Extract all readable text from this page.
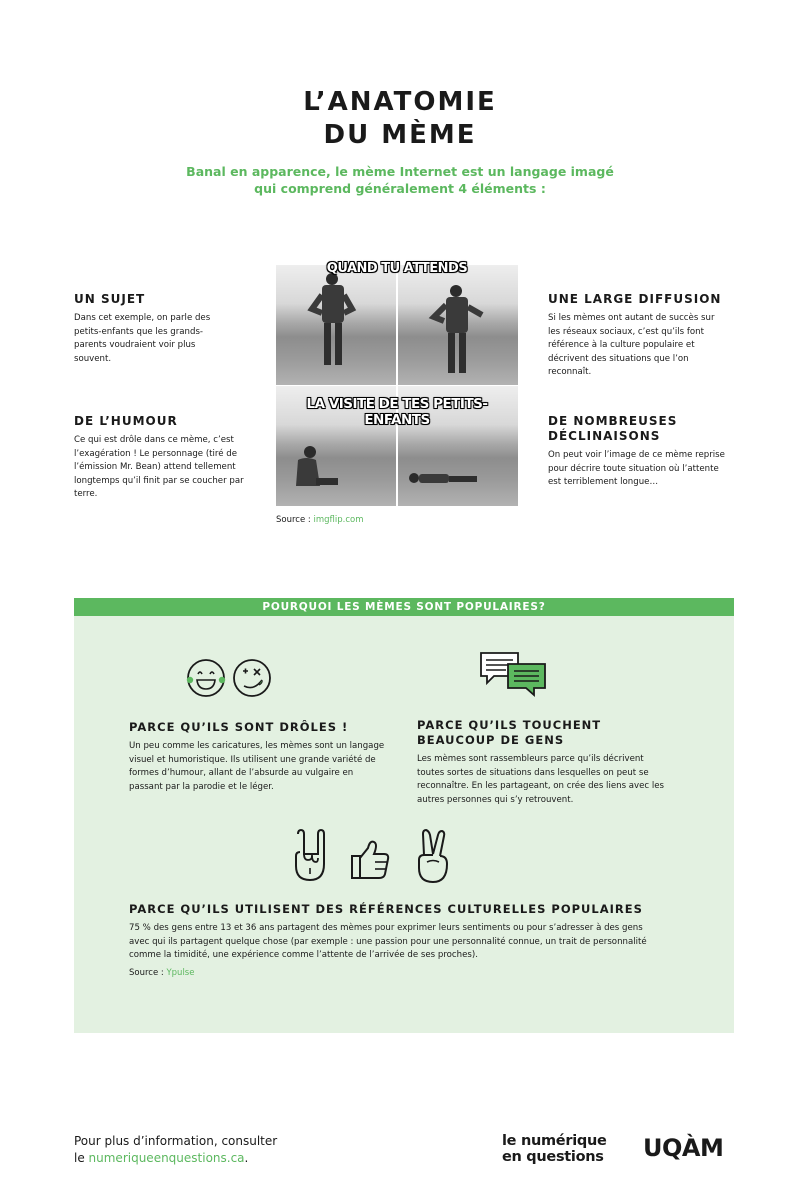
L’ANATOMIE
DU MÈME
Banal en apparence, le mème Internet est un langage imagé
qui comprend généralement 4 éléments :
UN SUJET
Dans cet exemple, on parle des petits-enfants que les grands-parents voudraient voir plus souvent.
DE L’HUMOUR
Ce qui est drôle dans ce mème, c’est l’exagération ! Le personnage (tiré de l’émission Mr. Bean) attend tellement longtemps qu’il finit par se coucher par terre.
UNE LARGE DIFFUSION
Si les mèmes ont autant de succès sur les réseaux sociaux, c’est qu’ils font référence à la culture populaire et décrivent des situations que l’on reconnaît.
DE NOMBREUSES DÉCLINAISONS
On peut voir l’image de ce mème reprise pour décrire toute situation où l’attente est terriblement longue…
QUAND TU ATTENDS
LA VISITE DE TES PETITS-ENFANTS
Source : imgflip.com
POURQUOI LES MÈMES SONT POPULAIRES?
PARCE QU’ILS SONT DRÔLES !
Un peu comme les caricatures, les mèmes sont un langage visuel et humoristique. Ils utilisent une grande variété de formes d’humour, allant de l’absurde au vulgaire en passant par la parodie et le léger.
PARCE QU’ILS TOUCHENT BEAUCOUP DE GENS
Les mèmes sont rassembleurs parce qu’ils décrivent toutes sortes de situations dans lesquelles on peut se reconnaître. En les partageant, on crée des liens avec les autres personnes qui s’y retrouvent.
PARCE QU’ILS UTILISENT DES RÉFÉRENCES CULTURELLES POPULAIRES
75 % des gens entre 13 et 36 ans partagent des mèmes pour exprimer leurs sentiments ou pour s’adresser à des gens avec qui ils partagent quelque chose (par exemple : une passion pour une personnalité connue, un trait de personnalité comme la timidité, une expérience comme l’attente de l’arrivée de ses proches).
Source : Ypulse
Pour plus d’information, consulter
le numeriqueenquestions.ca.
le numérique
en questions UQÀM
